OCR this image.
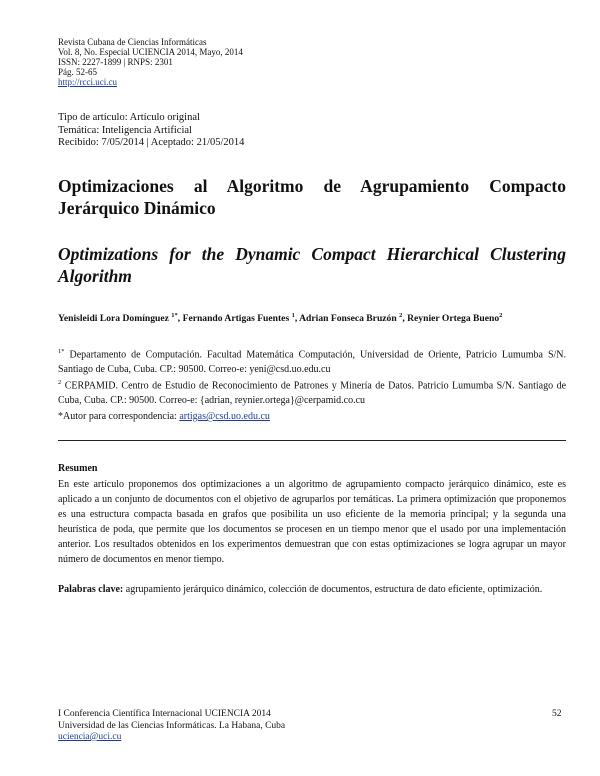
Revista Cubana de Ciencias Informáticas
Vol. 8, No. Especial UCIENCIA 2014, Mayo, 2014
ISSN: 2227-1899 | RNPS: 2301
Pág. 52-65
http://rcci.uci.cu
Tipo de artículo: Artículo original
Temática: Inteligencia Artificial
Recibido: 7/05/2014 | Aceptado: 21/05/2014
Optimizaciones al Algoritmo de Agrupamiento Compacto Jerárquico Dinámico
Optimizations for the Dynamic Compact Hierarchical Clustering Algorithm
Yenisleidi Lora Domínguez $^{1*}$, Fernando Artigas Fuentes $^1$, Adrian Fonseca Bruzón $^2$, Reynier Ortega Bueno$^2$
$^{1*}$ Departamento de Computación. Facultad Matemática Computación, Universidad de Oriente, Patricio Lumumba S/N. Santiago de Cuba, Cuba. CP.: 90500. Correo-e: yeni@csd.uo.edu.cu
$^2$ CERPAMID. Centro de Estudio de Reconocimiento de Patrones y Minería de Datos. Patricio Lumumba S/N. Santiago de Cuba, Cuba. CP.: 90500. Correo-e: {adrian, reynier.ortega}@cerpamid.co.cu
*Autor para correspondencia: artigas@csd.uo.edu.cu
Resumen
En este artículo proponemos dos optimizaciones a un algoritmo de agrupamiento compacto jerárquico dinámico, este es aplicado a un conjunto de documentos con el objetivo de agruparlos por temáticas. La primera optimización que proponemos es una estructura compacta basada en grafos que posibilita un uso eficiente de la memoria principal; y la segunda una heurística de poda, que permite que los documentos se procesen en un tiempo menor que el usado por una implementación anterior. Los resultados obtenidos en los experimentos demuestran que con estas optimizaciones se logra agrupar un mayor número de documentos en menor tiempo.
Palabras clave: agrupamiento jerárquico dinámico, colección de documentos, estructura de dato eficiente, optimización.
I Conferencia Científica Internacional UCIENCIA 2014
Universidad de las Ciencias Informáticas. La Habana, Cuba
uciencia@uci.cu
52
